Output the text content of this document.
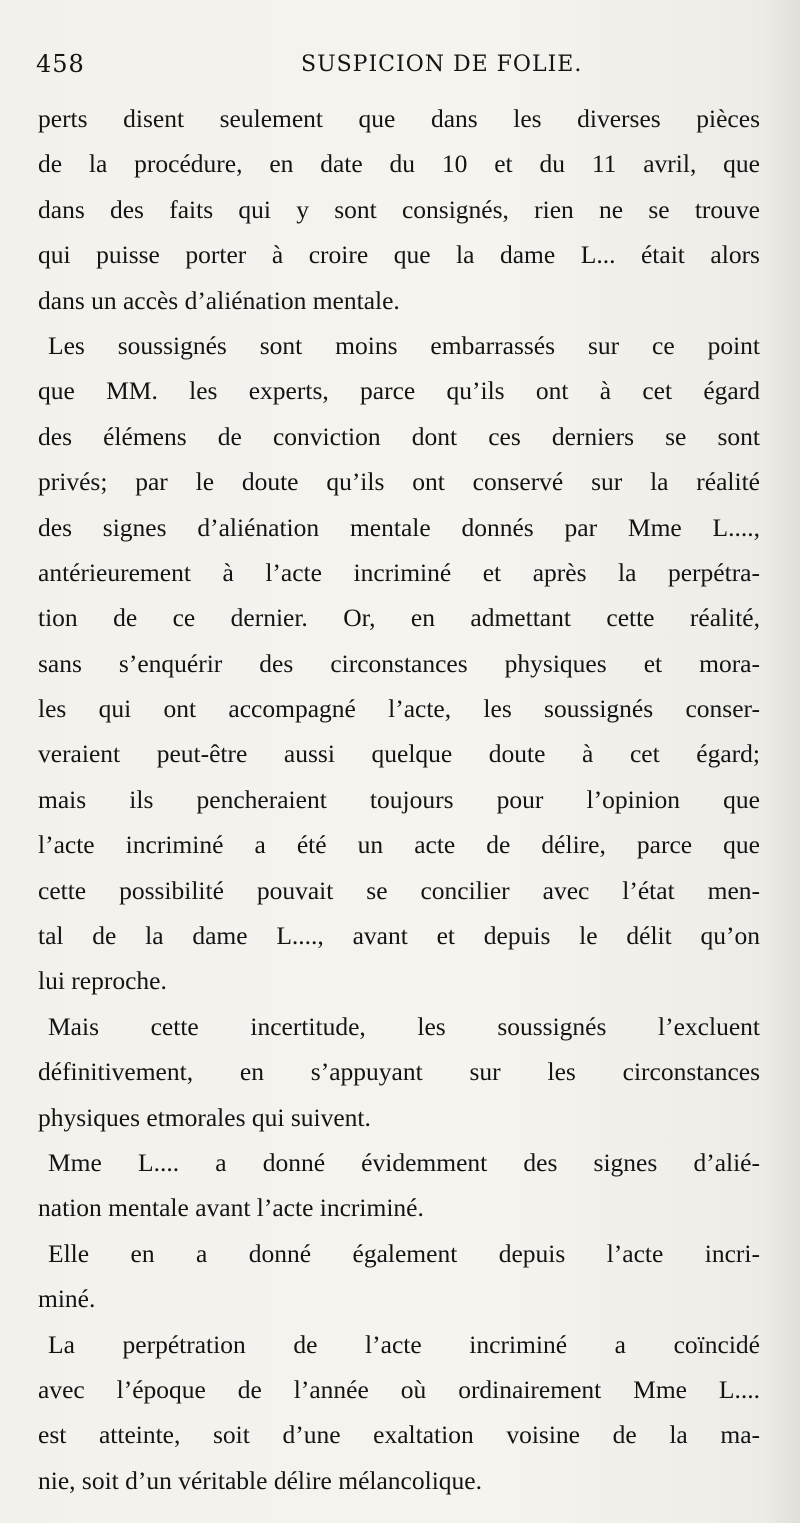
458	SUSPICION DE FOLIE.
perts disent seulement que dans les diverses pièces
de la procédure, en date du 10 et du 11 avril, que
dans des faits qui y sont consignés, rien ne se trouve
qui puisse porter à croire que la dame L... était alors
dans un accès d’aliénation mentale.
Les soussignés sont moins embarrassés sur ce point
que MM. les experts, parce qu’ils ont à cet égard
des élémens de conviction dont ces derniers se sont
privés; par le doute qu’ils ont conservé sur la réalité
des signes d’aliénation mentale donnés par Mme L....,
antérieurement à l’acte incriminé et après la perpétra-
tion de ce dernier. Or, en admettant cette réalité,
sans s’enquérir des circonstances physiques et mora-
les qui ont accompagné l’acte, les soussignés conser-
veraient peut-être aussi quelque doute à cet égard;
mais ils pencheraient toujours pour l’opinion que
l’acte incriminé a été un acte de délire, parce que
cette possibilité pouvait se concilier avec l’état men-
tal de la dame L...., avant et depuis le délit qu’on
lui reproche.
Mais cette incertitude, les soussignés l’excluent
définitivement, en s’appuyant sur les circonstances
physiques etmorales qui suivent.
Mme L.... a donné évidemment des signes d’alié-
nation mentale avant l’acte incriminé.
Elle en a donné également depuis l’acte incri-
miné.
La perpétration de l’acte incriminé a coïncidé
avec l’époque de l’année où ordinairement Mme L....
est atteinte, soit d’une exaltation voisine de la ma-
nie, soit d’un véritable délire mélancolique.
